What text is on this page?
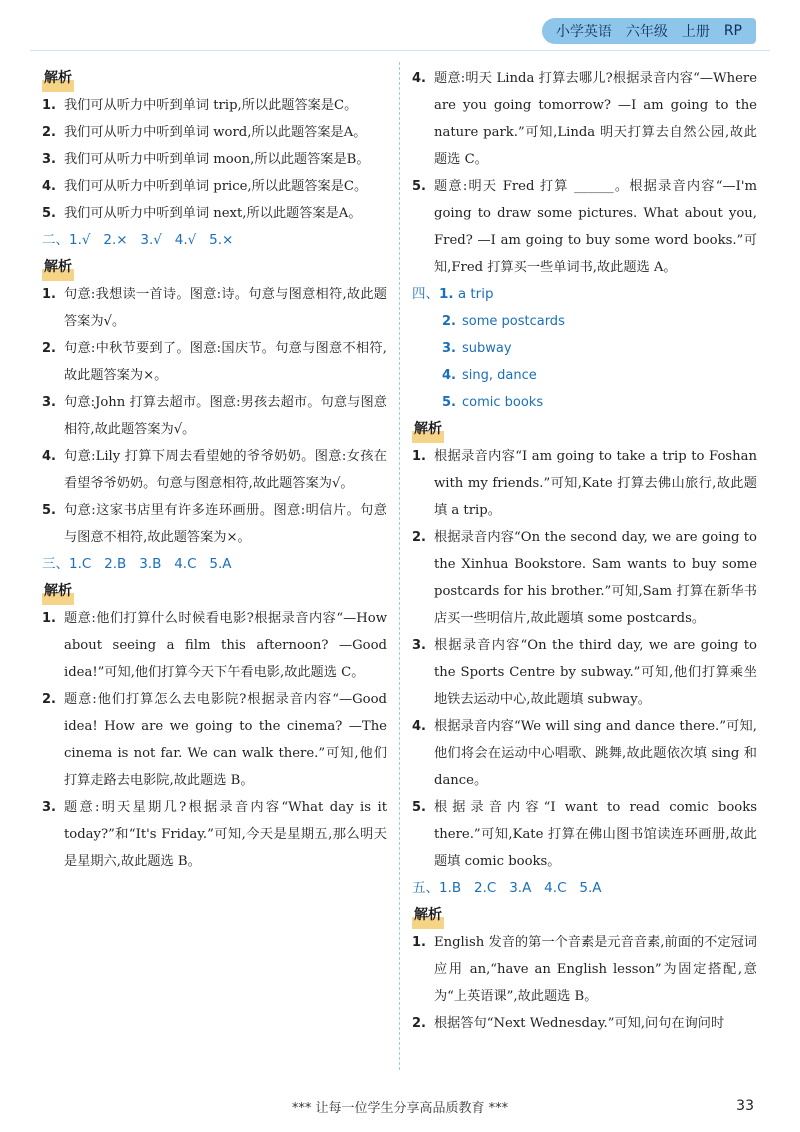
小学英语 六年级 上册 RP
解析
1. 我们可从听力中听到单词 trip,所以此题答案是C。
2. 我们可从听力中听到单词 word,所以此题答案是A。
3. 我们可从听力中听到单词 moon,所以此题答案是B。
4. 我们可从听力中听到单词 price,所以此题答案是C。
5. 我们可从听力中听到单词 next,所以此题答案是A。
二、1.√   2.×   3.√   4.√   5.×
解析
1. 句意:我想读一首诗。图意:诗。句意与图意相符,故此题答案为√。
2. 句意:中秋节要到了。图意:国庆节。句意与图意不相符,故此题答案为×。
3. 句意:John 打算去超市。图意:男孩去超市。句意与图意相符,故此题答案为√。
4. 句意:Lily 打算下周去看望她的爷爷奶奶。图意:女孩在看望爷爷奶奶。句意与图意相符,故此题答案为√。
5. 句意:这家书店里有许多连环画册。图意:明信片。句意与图意不相符,故此题答案为×。
三、1.C   2.B   3.B   4.C   5.A
解析
1. 题意:他们打算什么时候看电影?根据录音内容“—How about seeing a film this afternoon? —Good idea!”可知,他们打算今天下午看电影,故此题选 C。
2. 题意:他们打算怎么去电影院?根据录音内容“—Good idea! How are we going to the cinema? —The cinema is not far. We can walk there.”可知,他们打算走路去电影院,故此题选 B。
3. 题意:明天星期几?根据录音内容“What day is it today?”和“It's Friday.”可知,今天是星期五,那么明天是星期六,故此题选 B。
4. 题意:明天 Linda 打算去哪儿?根据录音内容“—Where are you going tomorrow? —I am going to the nature park.”可知,Linda 明天打算去自然公园,故此题选 C。
5. 题意:明天 Fred 打算 ______。根据录音内容“—I'm going to draw some pictures. What about you, Fred? —I am going to buy some word books.”可知,Fred 打算买一些单词书,故此题选 A。
四、1. a trip
2. some postcards
3. subway
4. sing, dance
5. comic books
解析
1. 根据录音内容“I am going to take a trip to Foshan with my friends.”可知,Kate 打算去佛山旅行,故此题填 a trip。
2. 根据录音内容“On the second day, we are going to the Xinhua Bookstore. Sam wants to buy some postcards for his brother.”可知,Sam 打算在新华书店买一些明信片,故此题填 some postcards。
3. 根据录音内容“On the third day, we are going to the Sports Centre by subway.”可知,他们打算乘坐地铁去运动中心,故此题填 subway。
4. 根据录音内容“We will sing and dance there.”可知,他们将会在运动中心唱歌、跳舞,故此题依次填 sing 和 dance。
5. 根据录音内容“I want to read comic books there.”可知,Kate 打算在佛山图书馆读连环画册,故此题填 comic books。
五、1.B   2.C   3.A   4.C   5.A
解析
1. English 发音的第一个音素是元音音素,前面的不定冠词应用 an,“have an English lesson”为固定搭配,意为“上英语课”,故此题选 B。
2. 根据答句“Next Wednesday.”可知,问句在询问时
*** 让每一位学生分享高品质教育 ***	33
